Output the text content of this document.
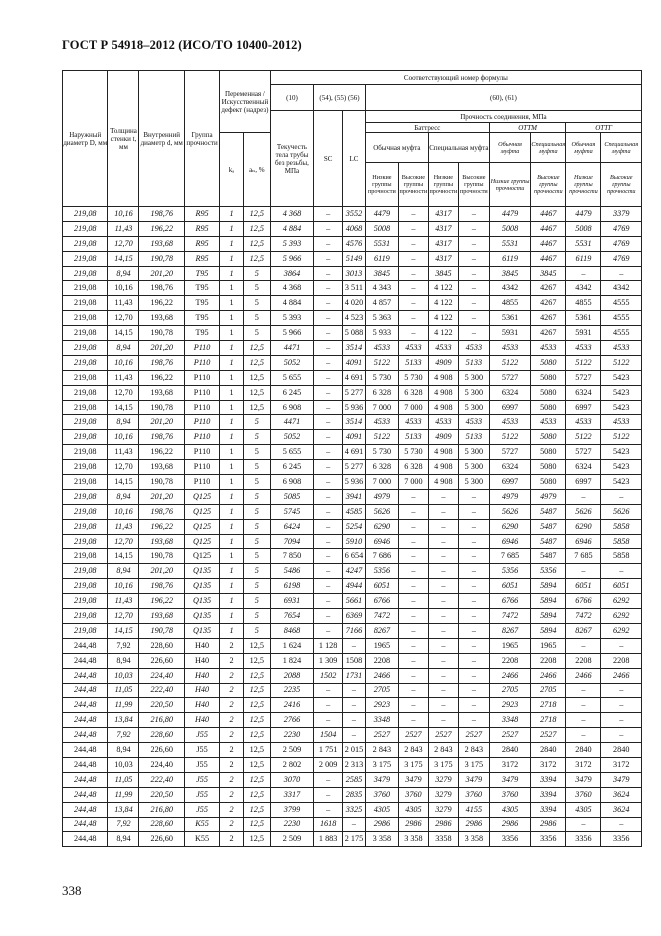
ГОСТ Р 54918–2012 (ИСО/ТО 10400-2012)
Наружный диаметр D, мм	Толщина стенки t, мм	Внутренний диаметр d, мм	Группа прочности	Переменная /Искусственный дефект (надрез)		Соответствующий номер формулы										
						(10)	(54), (55) (56)		(60), (61)							
						Текучесть тела трубы без резьбы, МПа	SC	LC	Прочность соединения, МПа							
									Баттресс				ОТТМ		ОТТГ	
				kₐ	aₙ, %				Обычная муфта		Специальная муфта		Обычная муфта	Специальная муфта	Обычная муфта	Специальная муфта
									Низкие группы прочности	Высокие группы прочности	Низкие группы прочности	Высокие группы прочности	Низкие группы прочности	Высокие группы прочности	Низкие группы прочности	Высокие группы прочности
219,08	10,16	198,76	R95	1	12,5	4 368	–	3552	4479	–	4317	–	4479	4467	4479	3379
219,08	11,43	196,22	R95	1	12,5	4 884	–	4068	5008	–	4317	–	5008	4467	5008	4769
219,08	12,70	193,68	R95	1	12,5	5 393	–	4576	5531	–	4317	–	5531	4467	5531	4769
219,08	14,15	190,78	R95	1	12,5	5 966	–	5149	6119	–	4317	–	6119	4467	6119	4769
219,08	8,94	201,20	T95	1	5	3864	–	3013	3845	–	3845	–	3845	3845	–	–
219,08	10,16	198,76	T95	1	5	4 368	–	3 511	4 343	–	4 122	–	4342	4267	4342	4342
219,08	11,43	196,22	T95	1	5	4 884	–	4 020	4 857	–	4 122	–	4855	4267	4855	4555
219,08	12,70	193,68	T95	1	5	5 393	–	4 523	5 363	–	4 122	–	5361	4267	5361	4555
219,08	14,15	190,78	T95	1	5	5 966	–	5 088	5 933	–	4 122	–	5931	4267	5931	4555
219,08	8,94	201,20	P110	1	12,5	4471	–	3514	4533	4533	4533	4533	4533	4533	4533	4533
219,08	10,16	198,76	P110	1	12,5	5052	–	4091	5122	5133	4909	5133	5122	5080	5122	5122
219,08	11,43	196,22	P110	1	12,5	5 655	–	4 691	5 730	5 730	4 908	5 300	5727	5080	5727	5423
219,08	12,70	193,68	P110	1	12,5	6 245	–	5 277	6 328	6 328	4 908	5 300	6324	5080	6324	5423
219,08	14,15	190,78	P110	1	12,5	6 908	–	5 936	7 000	7 000	4 908	5 300	6997	5080	6997	5423
219,08	8,94	201,20	P110	1	5	4471	–	3514	4533	4533	4533	4533	4533	4533	4533	4533
219,08	10,16	198,76	P110	1	5	5052	–	4091	5122	5133	4909	5133	5122	5080	5122	5122
219,08	11,43	196,22	P110	1	5	5 655	–	4 691	5 730	5 730	4 908	5 300	5727	5080	5727	5423
219,08	12,70	193,68	P110	1	5	6 245	–	5 277	6 328	6 328	4 908	5 300	6324	5080	6324	5423
219,08	14,15	190,78	P110	1	5	6 908	–	5 936	7 000	7 000	4 908	5 300	6997	5080	6997	5423
219,08	8,94	201,20	Q125	1	5	5085	–	3941	4979	–	–	–	4979	4979	–	–
219,08	10,16	198,76	Q125	1	5	5745	–	4585	5626	–	–	–	5626	5487	5626	5626
219,08	11,43	196,22	Q125	1	5	6424	–	5254	6290	–	–	–	6290	5487	6290	5858
219,08	12,70	193,68	Q125	1	5	7094	–	5910	6946	–	–	–	6946	5487	6946	5858
219,08	14,15	190,78	Q125	1	5	7 850	–	6 654	7 686	–	–	–	7 685	5487	7 685	5858
219,08	8,94	201,20	Q135	1	5	5486	–	4247	5356	–	–	–	5356	5356	–	–
219,08	10,16	198,76	Q135	1	5	6198	–	4944	6051	–	–	–	6051	5894	6051	6051
219,08	11,43	196,22	Q135	1	5	6931	–	5661	6766	–	–	–	6766	5894	6766	6292
219,08	12,70	193,68	Q135	1	5	7654	–	6369	7472	–	–	–	7472	5894	7472	6292
219,08	14,15	190,78	Q135	1	5	8468	–	7166	8267	–	–	–	8267	5894	8267	6292
244,48	7,92	228,60	H40	2	12,5	1 624	1 128	–	1965	–	–	–	1965	1965	–	–
244,48	8,94	226,60	H40	2	12,5	1 824	1 309	1508	2208	–	–	–	2208	2208	2208	2208
244,48	10,03	224,40	H40	2	12,5	2088	1502	1731	2466	–	–	–	2466	2466	2466	2466
244,48	11,05	222,40	H40	2	12,5	2235	–	–	2705	–	–	–	2705	2705	–	–
244,48	11,99	220,50	H40	2	12,5	2416	–	–	2923	–	–	–	2923	2718	–	–
244,48	13,84	216,80	H40	2	12,5	2766	–	–	3348	–	–	–	3348	2718	–	–
244,48	7,92	228,60	J55	2	12,5	2230	1504	–	2527	2527	2527	2527	2527	2527	–	–
244,48	8,94	226,60	J55	2	12,5	2 509	1 751	2 015	2 843	2 843	2 843	2 843	2840	2840	2840	2840
244,48	10,03	224,40	J55	2	12,5	2 802	2 009	2 313	3 175	3 175	3 175	3 175	3172	3172	3172	3172
244,48	11,05	222,40	J55	2	12,5	3070	–	2585	3479	3479	3279	3479	3479	3394	3479	3479
244,48	11,99	220,50	J55	2	12,5	3317	–	2835	3760	3760	3279	3760	3760	3394	3760	3624
244,48	13,84	216,80	J55	2	12,5	3799	–	3325	4305	4305	3279	4155	4305	3394	4305	3624
244,48	7,92	228,60	K55	2	12,5	2230	1618	–	2986	2986	2986	2986	2986	2986	–	–
244,48	8,94	226,60	K55	2	12,5	2 509	1 883	2 175	3 358	3 358	3358	3 358	3356	3356	3356	3356
338
